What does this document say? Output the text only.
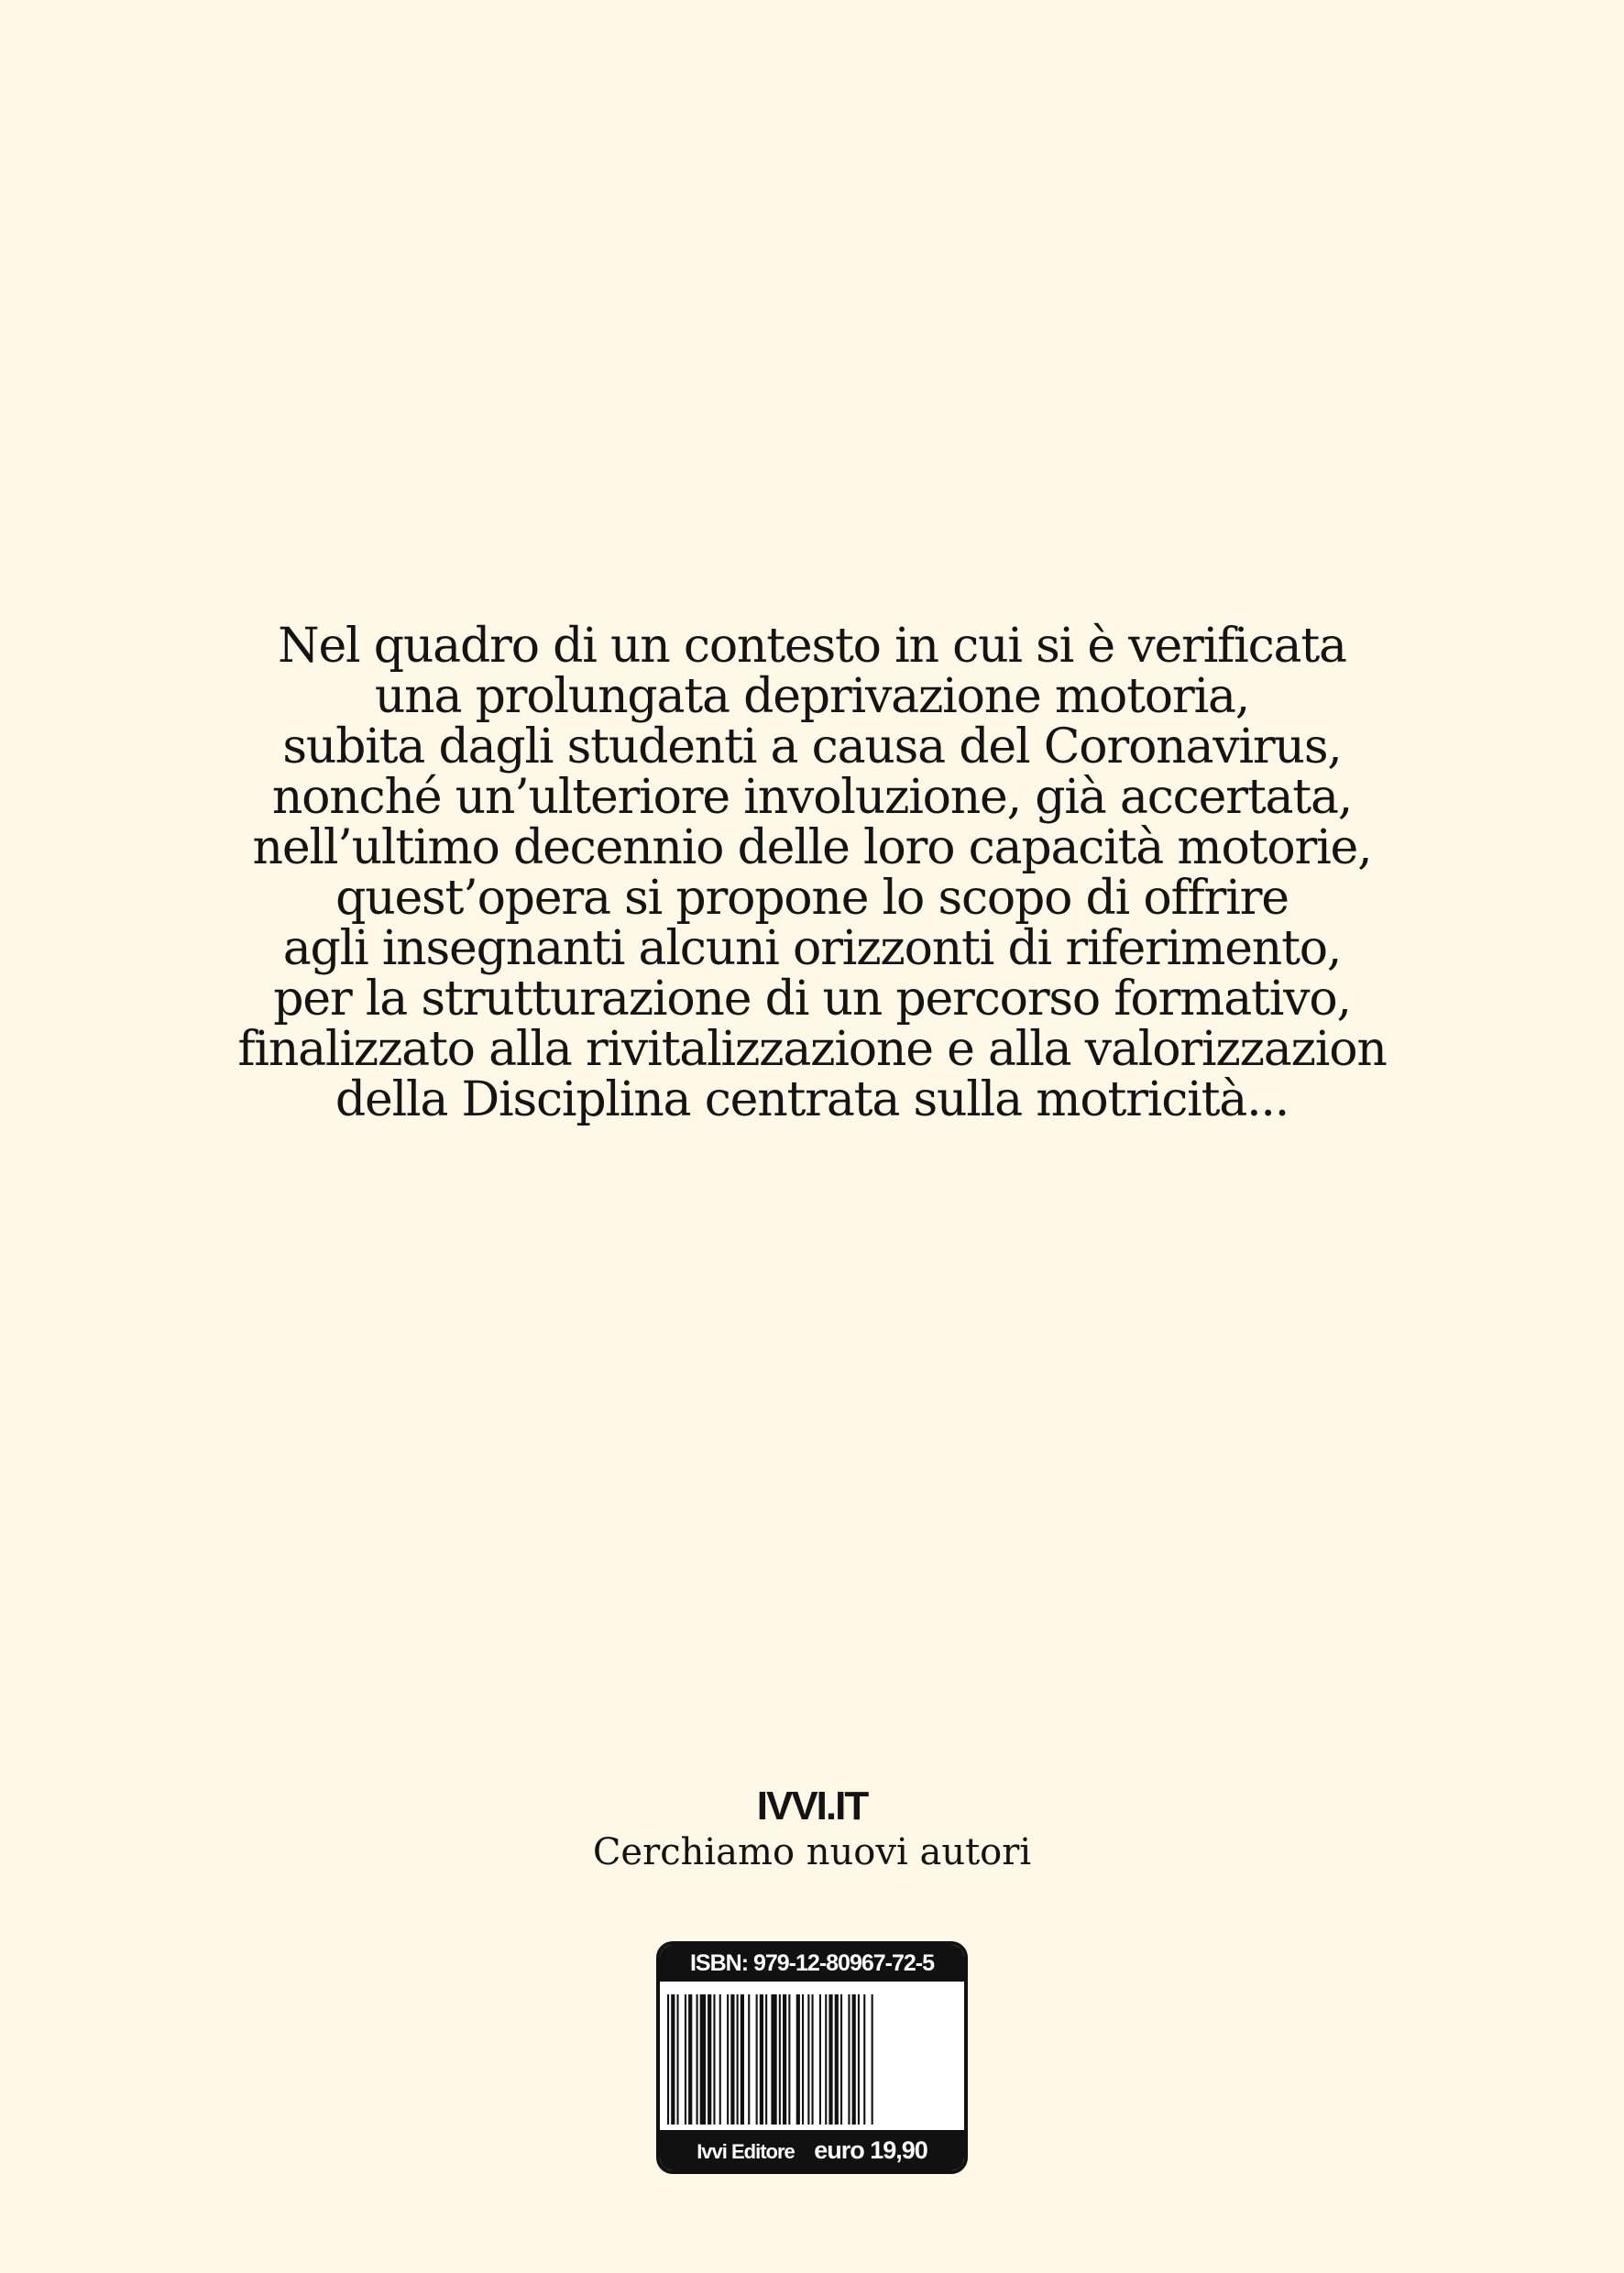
Nel quadro di un contesto in cui si è verificata
una prolungata deprivazione motoria,
subita dagli studenti a causa del Coronavirus,
nonché un’ulteriore involuzione, già accertata,
nell’ultimo decennio delle loro capacità motorie,
quest’opera si propone lo scopo di offrire
agli insegnanti alcuni orizzonti di riferimento,
per la strutturazione di un percorso formativo,
finalizzato alla rivitalizzazione e alla valorizzazion
della Disciplina centrata sulla motricità...
IVVI.IT
Cerchiamo nuovi autori
ISBN: 979-12-80967-72-5
Ivvi Editore euro 19,90
